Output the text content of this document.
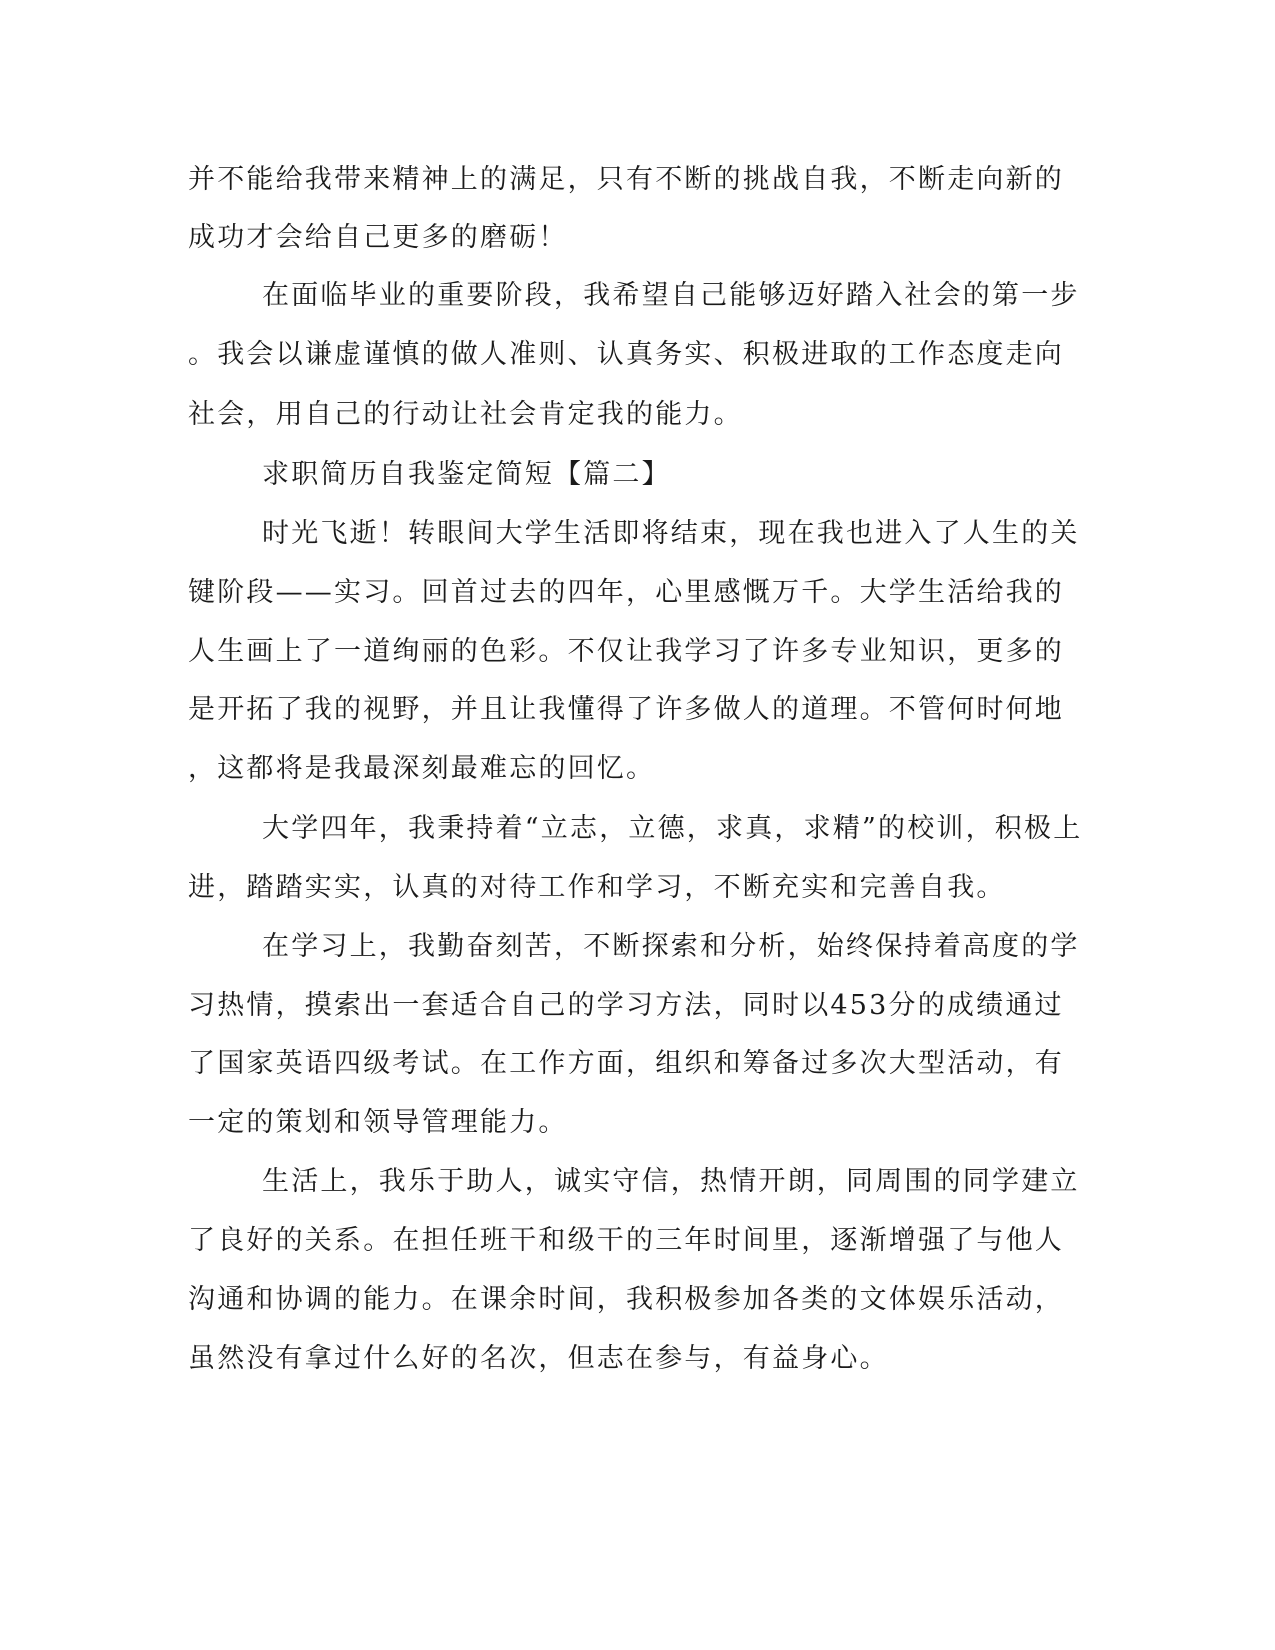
并不能给我带来精神上的满足，只有不断的挑战自我，不断走向新的
成功才会给自己更多的磨砺！
在面临毕业的重要阶段，我希望自己能够迈好踏入社会的第一步
。我会以谦虚谨慎的做人准则、认真务实、积极进取的工作态度走向
社会，用自己的行动让社会肯定我的能力。
求职简历自我鉴定简短【篇二】
时光飞逝！转眼间大学生活即将结束，现在我也进入了人生的关
键阶段——实习。回首过去的四年，心里感慨万千。大学生活给我的
人生画上了一道绚丽的色彩。不仅让我学习了许多专业知识，更多的
是开拓了我的视野，并且让我懂得了许多做人的道理。不管何时何地
，这都将是我最深刻最难忘的回忆。
大学四年，我秉持着“立志，立德，求真，求精”的校训，积极上
进，踏踏实实，认真的对待工作和学习，不断充实和完善自我。
在学习上，我勤奋刻苦，不断探索和分析，始终保持着高度的学
习热情，摸索出一套适合自己的学习方法，同时以453分的成绩通过
了国家英语四级考试。在工作方面，组织和筹备过多次大型活动，有
一定的策划和领导管理能力。
生活上，我乐于助人，诚实守信，热情开朗，同周围的同学建立
了良好的关系。在担任班干和级干的三年时间里，逐渐增强了与他人
沟通和协调的能力。在课余时间，我积极参加各类的文体娱乐活动，
虽然没有拿过什么好的名次，但志在参与，有益身心。
